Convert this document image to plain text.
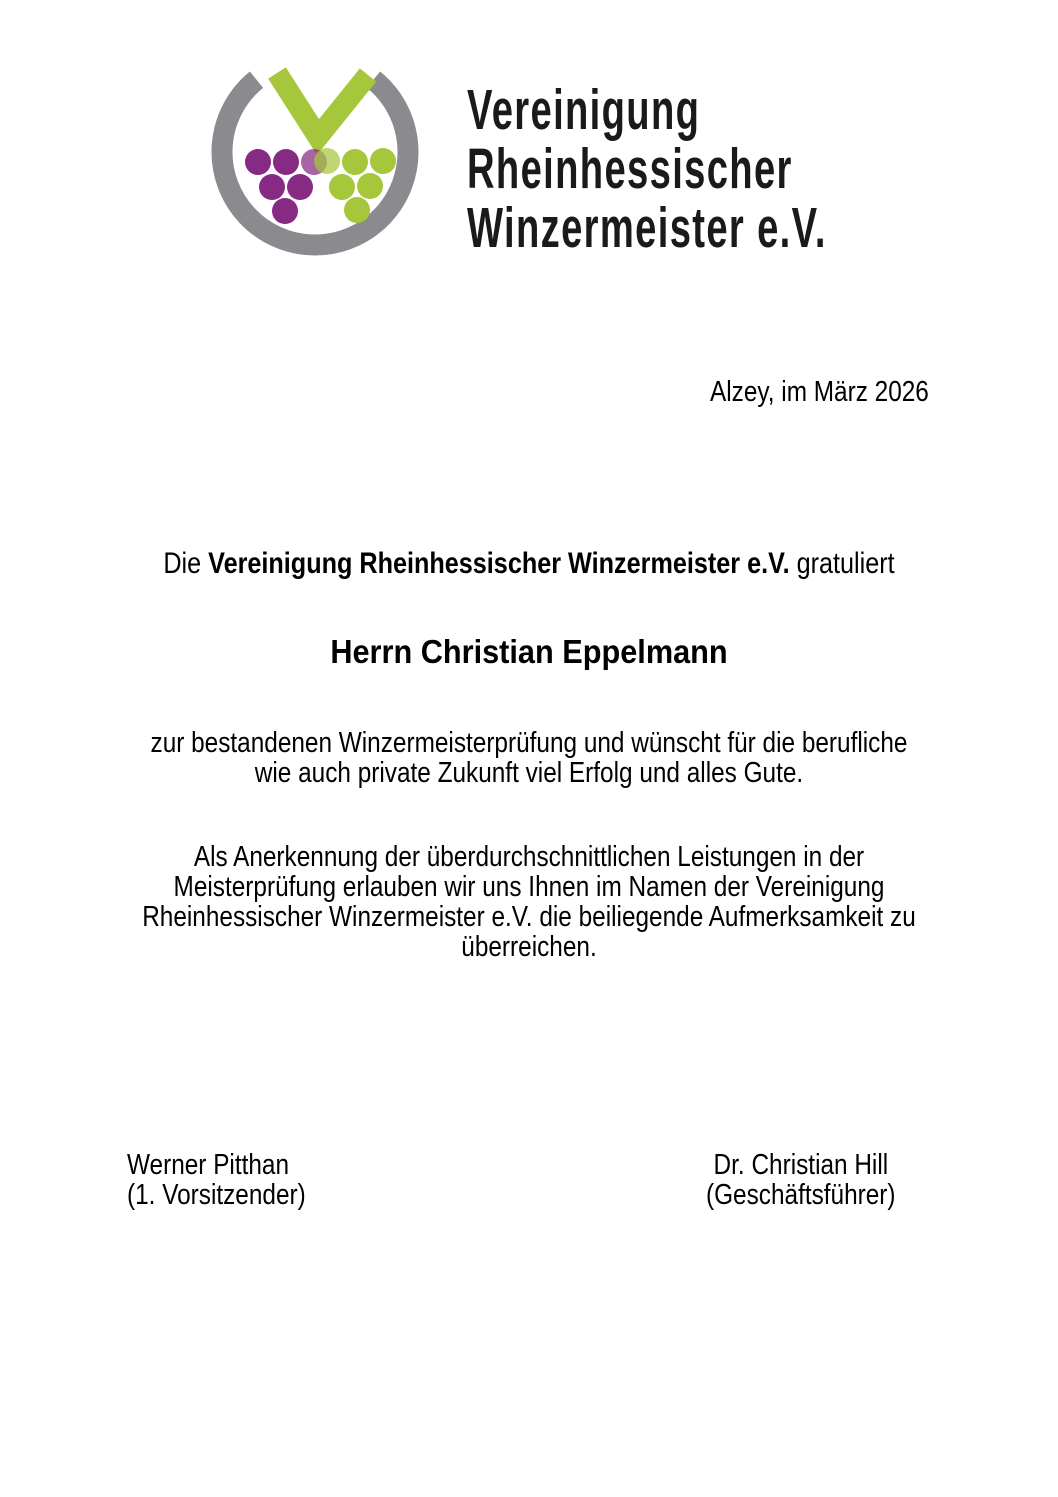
Vereinigung
Rheinhessischer
Winzermeister e.V.
Alzey, im März 2026
Die Vereinigung Rheinhessischer Winzermeister e.V. gratuliert
Herrn Christian Eppelmann
zur bestandenen Winzermeisterprüfung und wünscht für die berufliche
wie auch private Zukunft viel Erfolg und alles Gute.
Als Anerkennung der überdurchschnittlichen Leistungen in der
Meisterprüfung erlauben wir uns Ihnen im Namen der Vereinigung
Rheinhessischer Winzermeister e.V. die beiliegende Aufmerksamkeit zu
überreichen.
Werner Pitthan
(1. Vorsitzender)
Dr. Christian Hill
(Geschäftsführer)
